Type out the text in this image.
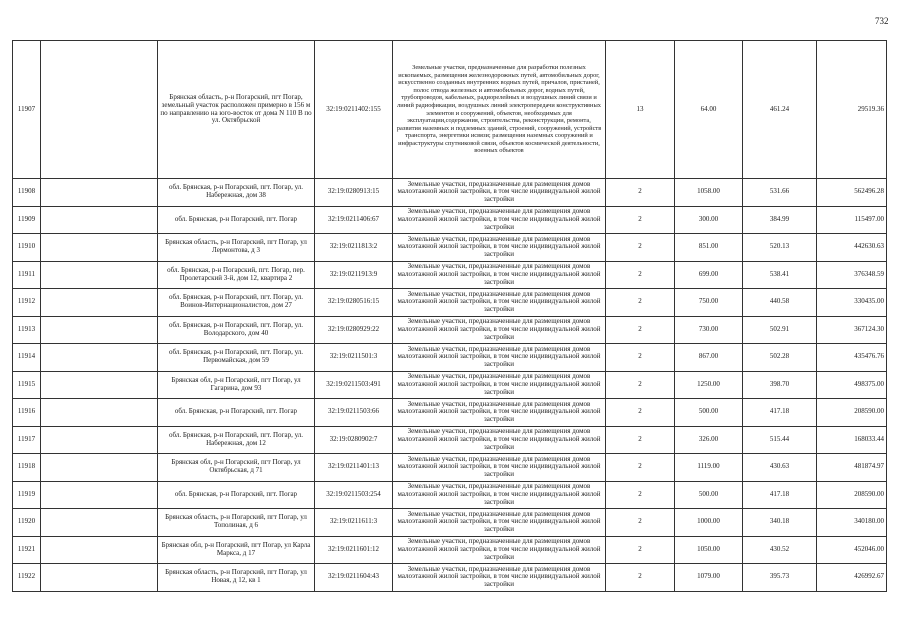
732
11907		Брянская область, р-н Погарский, пгт Погар, земельный участок расположен примерно в 156 м по направлению на юго-восток от дома N 110 В по ул. Октябрьской	32:19:0211402:155	Земельные участки, предназначенные для разработки полезных ископаемых, размещения железнодорожных путей, автомобильных дорог, искусственно созданных внутренних водных путей, причалов, пристаней, полос отвода железных и автомобильных дорог, водных путей, трубопроводов, кабельных, радиорелейных и воздушных линий связи и линий радиофикации, воздушных линий электропередачи конструктивных элементов и сооружений, объектов, необходимых для эксплуатации,содержания, строительства, реконструкции, ремонта, развития наземных и подземных зданий, строений, сооружений, устройств транспорта, энергетики исвязи; размещения наземных сооружений и инфраструктуры спутниковой связи, объектов космической деятельности, военных объектов	13	64.00	461.24	29519.36
11908		обл. Брянская, р-н Погарский, пгт. Погар, ул. Набережная, дом 38	32:19:0280913:15	Земельные участки, предназначенные для размещения домов малоэтажной жилой застройки, в том числе индивидуальной жилой застройки	2	1058.00	531.66	562496.28
11909		обл. Брянская, р-н Погарский, пгт. Погар	32:19:0211406:67	Земельные участки, предназначенные для размещения домов малоэтажной жилой застройки, в том числе индивидуальной жилой застройки	2	300.00	384.99	115497.00
11910		Брянская область, р-н Погарский, пгт Погар, ул Лермонтова, д 3	32:19:0211813:2	Земельные участки, предназначенные для размещения домов малоэтажной жилой застройки, в том числе индивидуальной жилой застройки	2	851.00	520.13	442630.63
11911		обл. Брянская, р-н Погарский, пгт. Погар, пер. Пролетарский 3-й, дом 12, квартира 2	32:19:0211913:9	Земельные участки, предназначенные для размещения домов малоэтажной жилой застройки, в том числе индивидуальной жилой застройки	2	699.00	538.41	376348.59
11912		обл. Брянская, р-н Погарский, пгт. Погар, ул. Воинов-Интернационалистов, дом 27	32:19:0280516:15	Земельные участки, предназначенные для размещения домов малоэтажной жилой застройки, в том числе индивидуальной жилой застройки	2	750.00	440.58	330435.00
11913		обл. Брянская, р-н Погарский, пгт. Погар, ул. Володарского, дом 40	32:19:0280929:22	Земельные участки, предназначенные для размещения домов малоэтажной жилой застройки, в том числе индивидуальной жилой застройки	2	730.00	502.91	367124.30
11914		обл. Брянская, р-н Погарский, пгт. Погар, ул. Первомайская, дом 59	32:19:0211501:3	Земельные участки, предназначенные для размещения домов малоэтажной жилой застройки, в том числе индивидуальной жилой застройки	2	867.00	502.28	435476.76
11915		Брянская обл, р-н Погарский, пгт Погар, ул Гагарина, дом 93	32:19:0211503:491	Земельные участки, предназначенные для размещения домов малоэтажной жилой застройки, в том числе индивидуальной жилой застройки	2	1250.00	398.70	498375.00
11916		обл. Брянская, р-н Погарский, пгт. Погар	32:19:0211503:66	Земельные участки, предназначенные для размещения домов малоэтажной жилой застройки, в том числе индивидуальной жилой застройки	2	500.00	417.18	208590.00
11917		обл. Брянская, р-н Погарский, пгт. Погар, ул. Набережная, дом 12	32:19:0280902:7	Земельные участки, предназначенные для размещения домов малоэтажной жилой застройки, в том числе индивидуальной жилой застройки	2	326.00	515.44	168033.44
11918		Брянская обл, р-н Погарский, пгт Погар, ул Октябрьская, д 71	32:19:0211401:13	Земельные участки, предназначенные для размещения домов малоэтажной жилой застройки, в том числе индивидуальной жилой застройки	2	1119.00	430.63	481874.97
11919		обл. Брянская, р-н Погарский, пгт. Погар	32:19:0211503:254	Земельные участки, предназначенные для размещения домов малоэтажной жилой застройки, в том числе индивидуальной жилой застройки	2	500.00	417.18	208590.00
11920		Брянская область, р-н Погарский, пгт Погар, ул Тополиная, д 6	32:19:0211611:3	Земельные участки, предназначенные для размещения домов малоэтажной жилой застройки, в том числе индивидуальной жилой застройки	2	1000.00	340.18	340180.00
11921		Брянская обл, р-н Погарский, пгт Погар, ул Карла Маркса, д 17	32:19:0211601:12	Земельные участки, предназначенные для размещения домов малоэтажной жилой застройки, в том числе индивидуальной жилой застройки	2	1050.00	430.52	452046.00
11922		Брянская область, р-н Погарский, пгт Погар, ул Новая, д 12, кв 1	32:19:0211604:43	Земельные участки, предназначенные для размещения домов малоэтажной жилой застройки, в том числе индивидуальной жилой застройки	2	1079.00	395.73	426992.67
